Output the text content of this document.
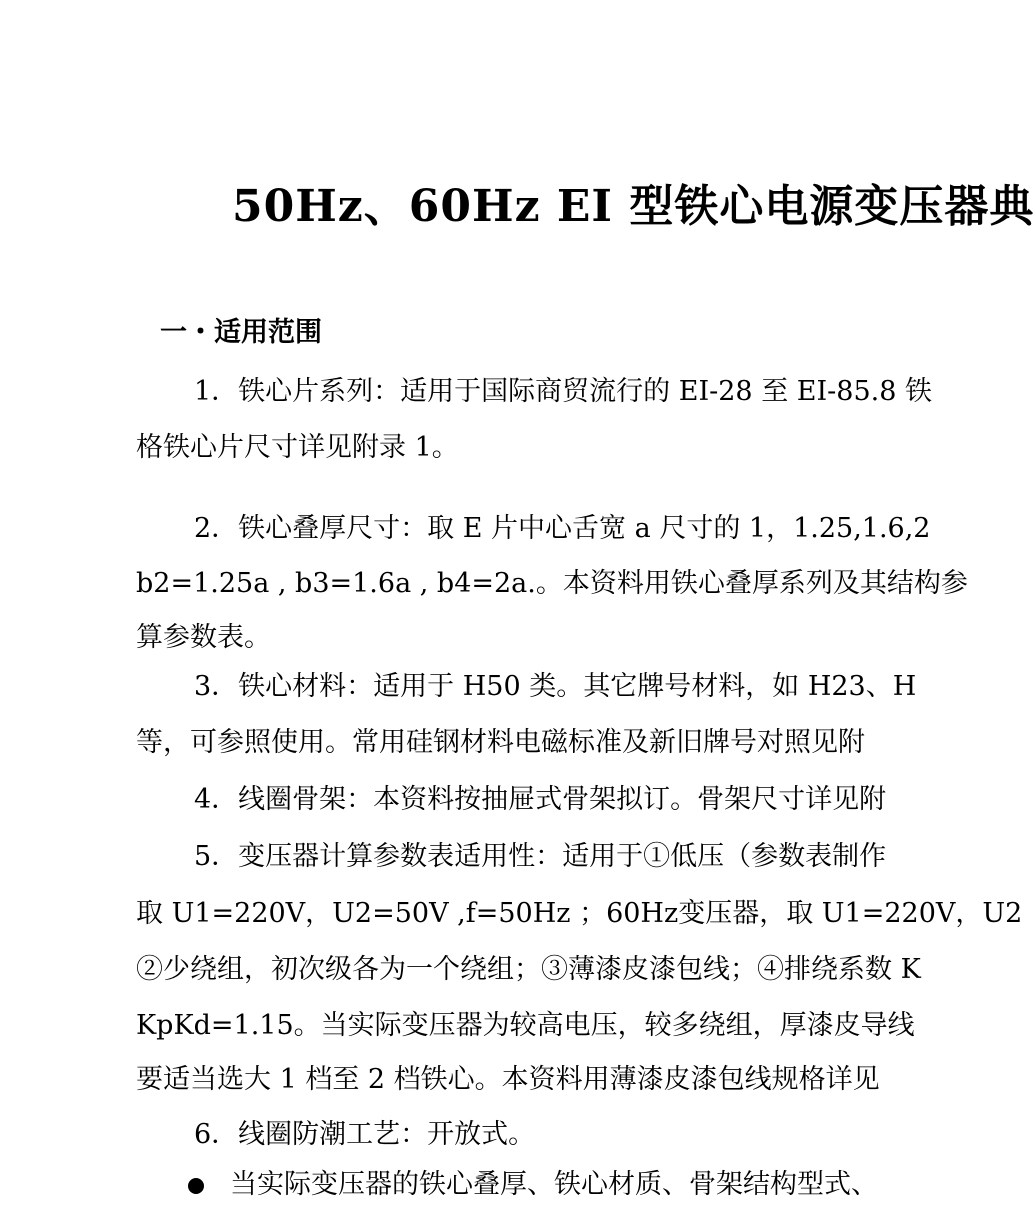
50Hz、60Hz EI 型铁心电源变压器典
一・适用范围
1．铁心片系列：适用于国际商贸流行的 EI-28 至 EI-85.8 铁
格铁心片尺寸详见附录 1。
2．铁心叠厚尺寸：取 E 片中心舌宽 a 尺寸的 1，1.25,1.6,2
b2=1.25a , b3=1.6a , b4=2a.。本资料用铁心叠厚系列及其结构参
算参数表。
3．铁心材料：适用于 H50 类。其它牌号材料，如 H23、H
等，可参照使用。常用硅钢材料电磁标准及新旧牌号对照见附
4．线圈骨架：本资料按抽屉式骨架拟订。骨架尺寸详见附
5．变压器计算参数表适用性：适用于①低压（参数表制作
取 U1=220V，U2=50V ,f=50Hz ；60Hz变压器，取 U1=220V，U2
②少绕组，初次级各为一个绕组；③薄漆皮漆包线；④排绕系数 K
KpKd=1.15。当实际变压器为较高电压，较多绕组，厚漆皮导线
要适当选大 1 档至 2 档铁心。本资料用薄漆皮漆包线规格详见
6．线圈防潮工艺：开放式。
当实际变压器的铁心叠厚、铁心材质、骨架结构型式、
